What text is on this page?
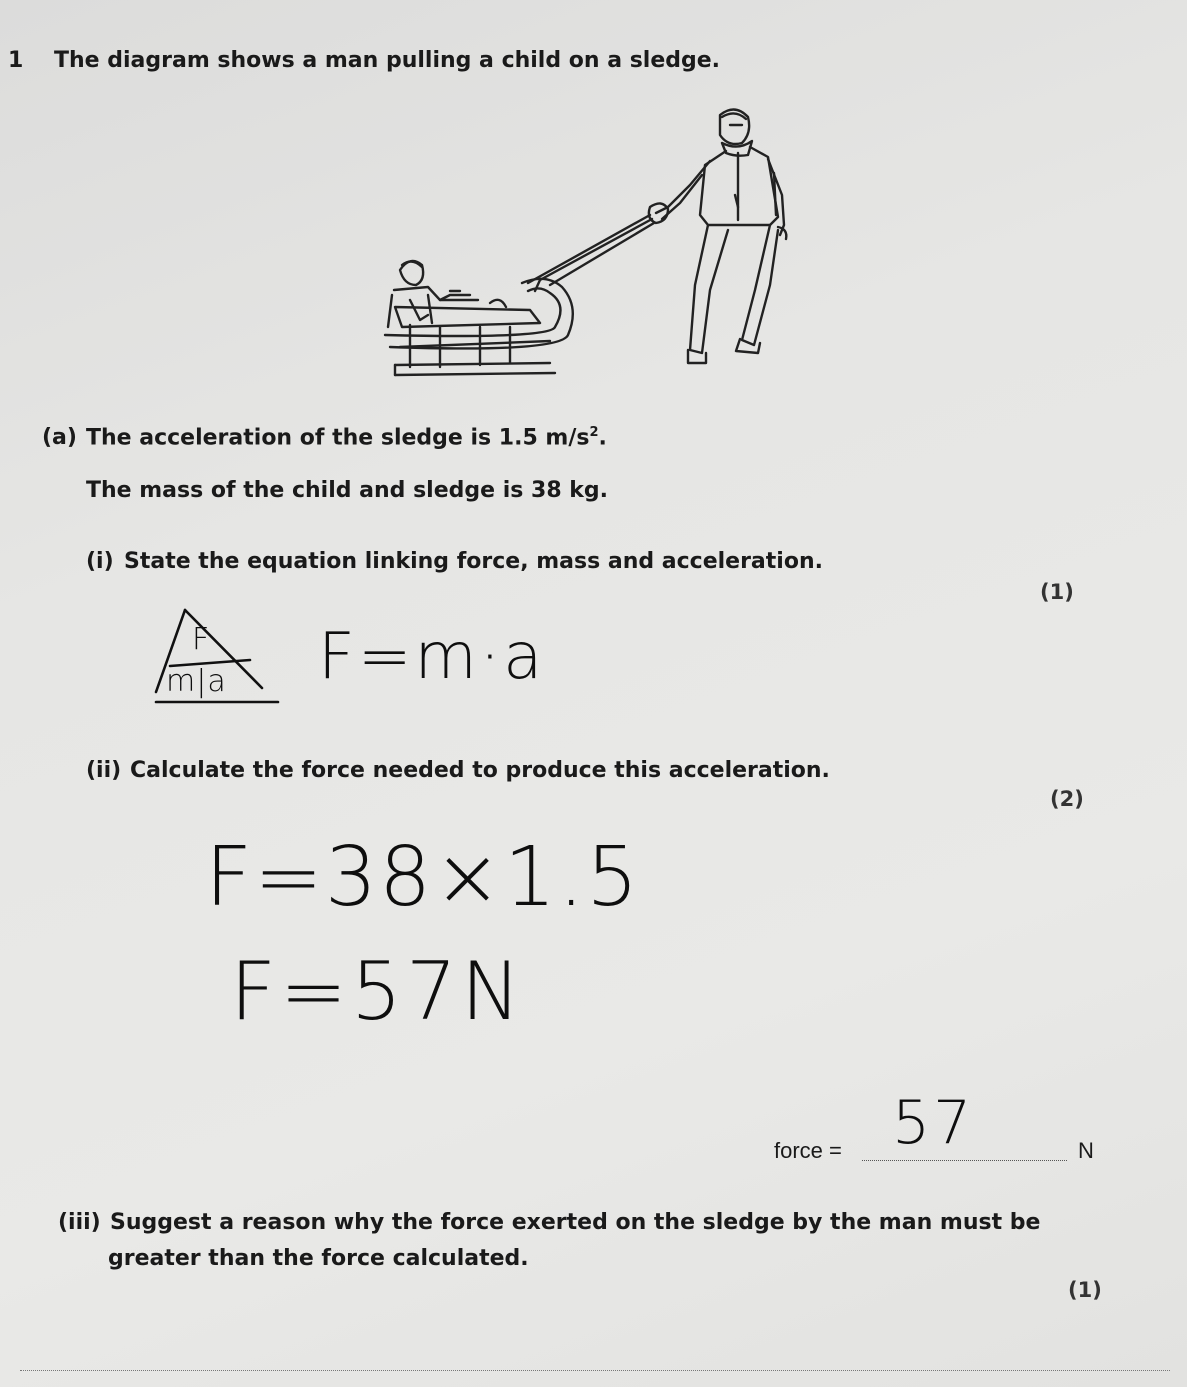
1 The diagram shows a man pulling a child on a sledge.
(a) The acceleration of the sledge is 1.5 $m/s^2$.
The mass of the child and sledge is 38 kg.
(i) State the equation linking force, mass and acceleration.
(1)
F
m|a F=m·a
(ii) Calculate the force needed to produce this acceleration.
(2)
F=38×1.5
F=57N
force = 57	N
(iii) Suggest a reason why the force exerted on the sledge by the man must be
greater than the force calculated.
(1)
